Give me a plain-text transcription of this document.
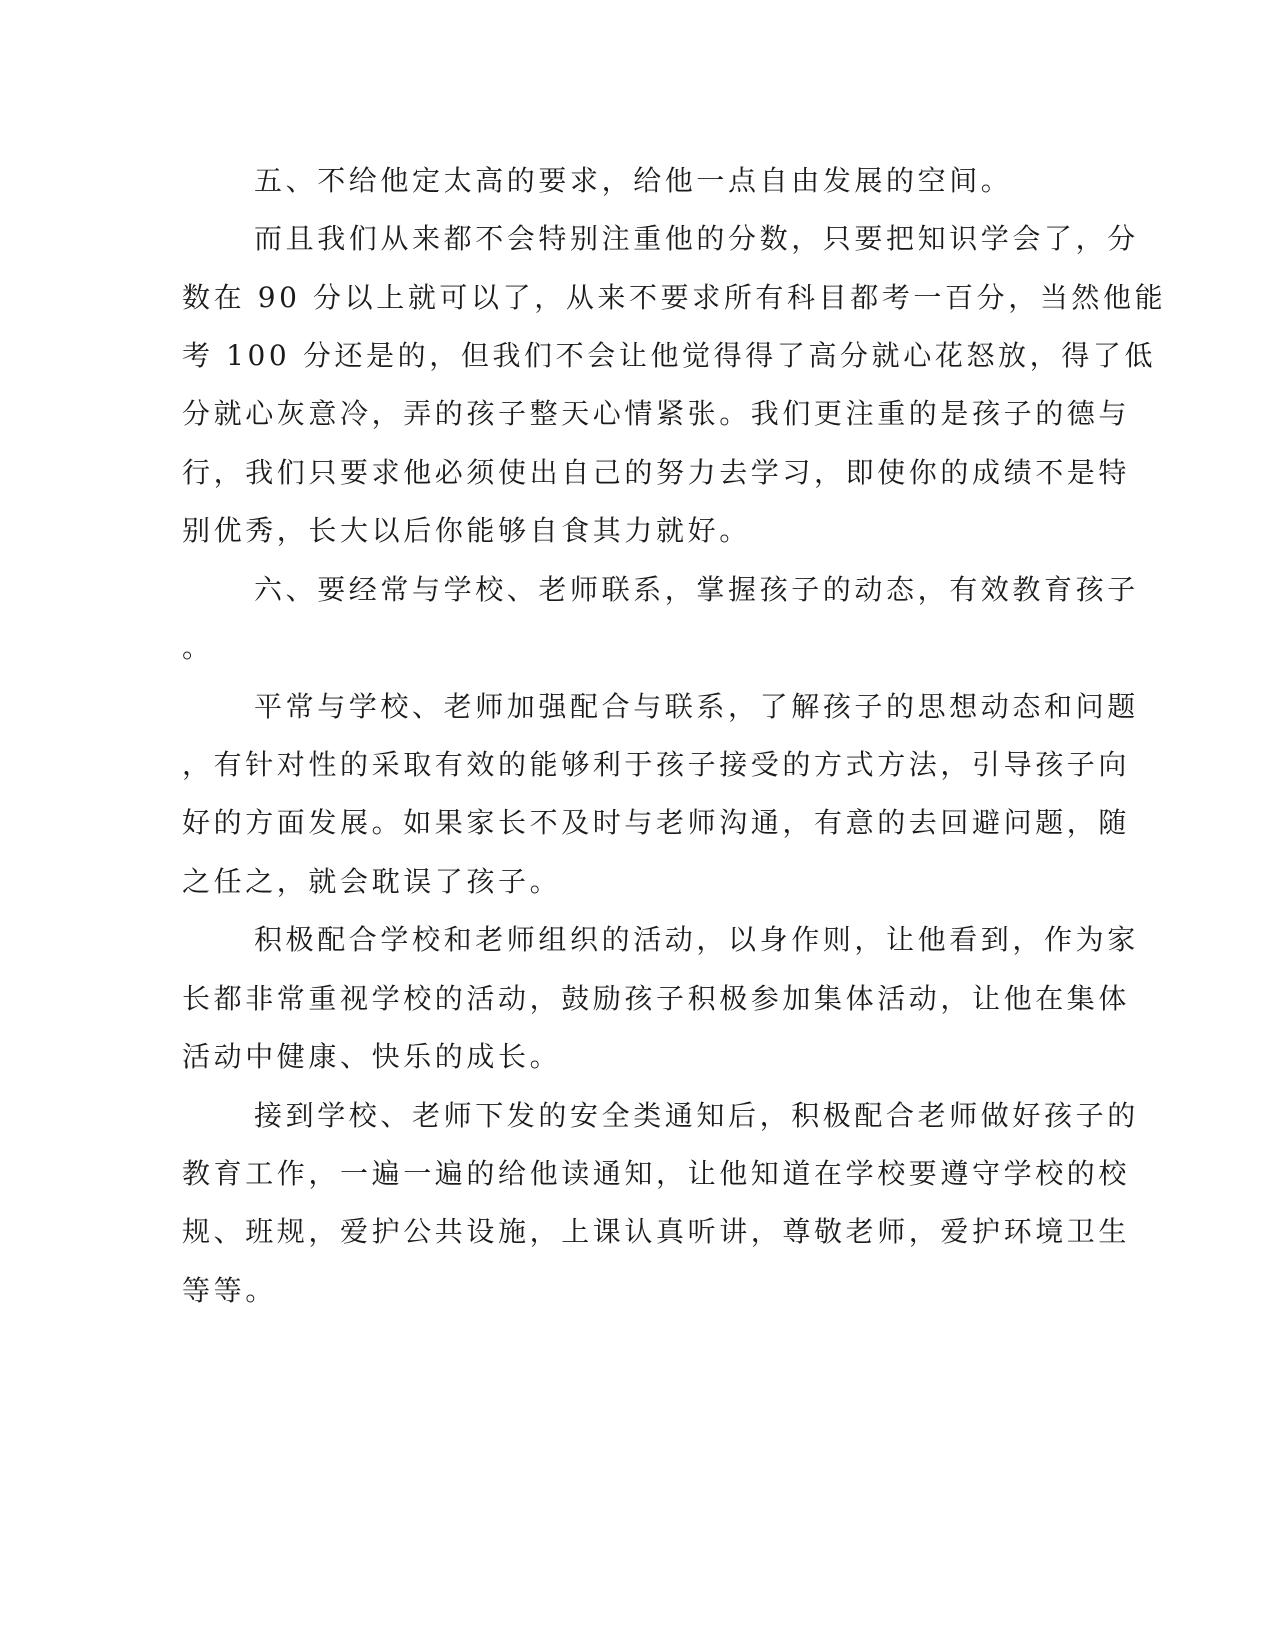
五、不给他定太高的要求，给他一点自由发展的空间。

而且我们从来都不会特别注重他的分数，只要把知识学会了，分

数在 90 分以上就可以了，从来不要求所有科目都考一百分，当然他能

考 100 分还是的，但我们不会让他觉得得了高分就心花怒放，得了低

分就心灰意冷，弄的孩子整天心情紧张。我们更注重的是孩子的德与

行，我们只要求他必须使出自己的努力去学习，即使你的成绩不是特

别优秀，长大以后你能够自食其力就好。

六、要经常与学校、老师联系，掌握孩子的动态，有效教育孩子

。

平常与学校、老师加强配合与联系，了解孩子的思想动态和问题

，有针对性的采取有效的能够利于孩子接受的方式方法，引导孩子向

好的方面发展。如果家长不及时与老师沟通，有意的去回避问题，随

之任之，就会耽误了孩子。

积极配合学校和老师组织的活动，以身作则，让他看到，作为家

长都非常重视学校的活动，鼓励孩子积极参加集体活动，让他在集体

活动中健康、快乐的成长。

接到学校、老师下发的安全类通知后，积极配合老师做好孩子的

教育工作，一遍一遍的给他读通知，让他知道在学校要遵守学校的校

规、班规，爱护公共设施，上课认真听讲，尊敬老师，爱护环境卫生

等等。
